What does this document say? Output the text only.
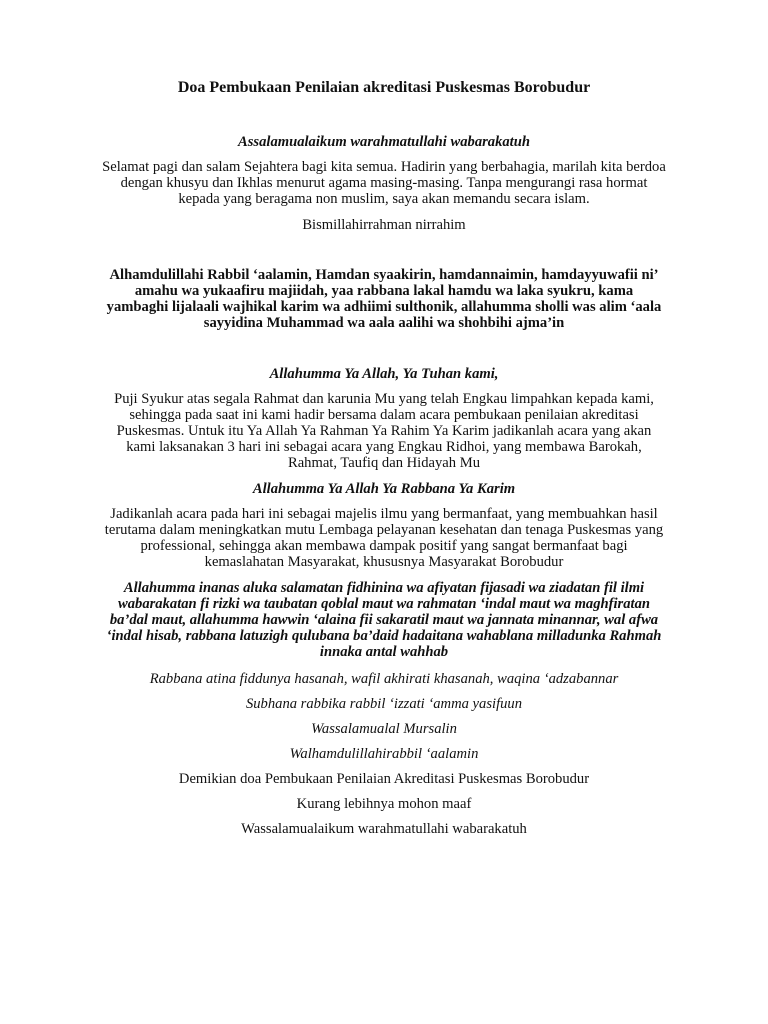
Doa Pembukaan Penilaian akreditasi Puskesmas Borobudur
Assalamualaikum warahmatullahi wabarakatuh
Selamat pagi dan salam Sejahtera bagi kita semua. Hadirin yang berbahagia, marilah kita berdoa
dengan khusyu dan Ikhlas menurut agama masing-masing. Tanpa mengurangi rasa hormat
kepada yang beragama non muslim, saya akan memandu secara islam.
Bismillahirrahman nirrahim
Alhamdulillahi Rabbil ‘aalamin, Hamdan syaakirin, hamdannaimin, hamdayyuwafii ni’
amahu wa yukaafiru majiidah, yaa rabbana lakal hamdu wa laka syukru, kama
yambaghi lijalaali wajhikal karim wa adhiimi sulthonik, allahumma sholli was alim ‘aala
sayyidina Muhammad wa aala aalihi wa shohbihi ajma’in
Allahumma Ya Allah, Ya Tuhan kami,
Puji Syukur atas segala Rahmat dan karunia Mu yang telah Engkau limpahkan kepada kami,
sehingga pada saat ini kami hadir bersama dalam acara pembukaan penilaian akreditasi
Puskesmas. Untuk itu Ya Allah Ya Rahman Ya Rahim Ya Karim jadikanlah acara yang akan
kami laksanakan 3 hari ini sebagai acara yang Engkau Ridhoi, yang membawa Barokah,
Rahmat, Taufiq dan Hidayah Mu
Allahumma Ya Allah Ya Rabbana Ya Karim
Jadikanlah acara pada hari ini sebagai majelis ilmu yang bermanfaat, yang membuahkan hasil
terutama dalam meningkatkan mutu Lembaga pelayanan kesehatan dan tenaga Puskesmas yang
professional, sehingga akan membawa dampak positif yang sangat bermanfaat bagi
kemaslahatan Masyarakat, khususnya Masyarakat Borobudur
Allahumma inanas aluka salamatan fidhinina wa afiyatan fijasadi wa ziadatan fil ilmi
wabarakatan fi rizki wa taubatan qoblal maut wa rahmatan ‘indal maut wa maghfiratan
ba’dal maut, allahumma hawwin ‘alaina fii sakaratil maut wa jannata minannar, wal afwa
‘indal hisab, rabbana latuzigh qulubana ba’daid hadaitana wahablana milladunka Rahmah
innaka antal wahhab
Rabbana atina fiddunya hasanah, wafil akhirati khasanah, waqina ‘adzabannar
Subhana rabbika rabbil ‘izzati ‘amma yasifuun
Wassalamualal Mursalin
Walhamdulillahirabbil ‘aalamin
Demikian doa Pembukaan Penilaian Akreditasi Puskesmas Borobudur
Kurang lebihnya mohon maaf
Wassalamualaikum warahmatullahi wabarakatuh
